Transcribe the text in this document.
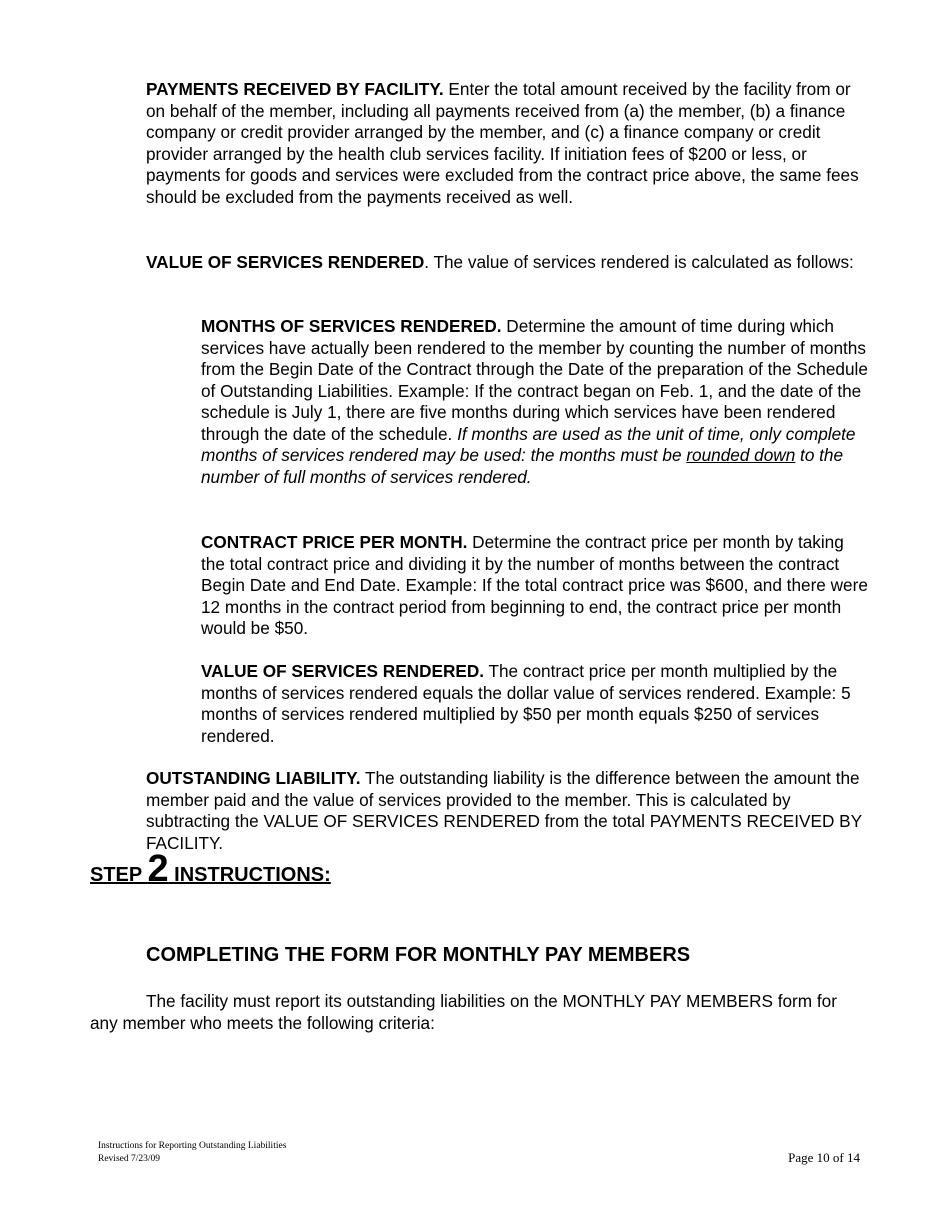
PAYMENTS RECEIVED BY FACILITY. Enter the total amount received by the facility from or on behalf of the member, including all payments received from (a) the member, (b) a finance company or credit provider arranged by the member, and (c) a finance company or credit provider arranged by the health club services facility. If initiation fees of $200 or less, or payments for goods and services were excluded from the contract price above, the same fees should be excluded from the payments received as well.

VALUE OF SERVICES RENDERED. The value of services rendered is calculated as follows:

MONTHS OF SERVICES RENDERED. Determine the amount of time during which services have actually been rendered to the member by counting the number of months from the Begin Date of the Contract through the Date of the preparation of the Schedule of Outstanding Liabilities. Example: If the contract began on Feb. 1, and the date of the schedule is July 1, there are five months during which services have been rendered through the date of the schedule. If months are used as the unit of time, only complete months of services rendered may be used: the months must be rounded down to the number of full months of services rendered.

CONTRACT PRICE PER MONTH. Determine the contract price per month by taking the total contract price and dividing it by the number of months between the contract Begin Date and End Date. Example: If the total contract price was $600, and there were 12 months in the contract period from beginning to end, the contract price per month would be $50.

VALUE OF SERVICES RENDERED. The contract price per month multiplied by the months of services rendered equals the dollar value of services rendered. Example: 5 months of services rendered multiplied by $50 per month equals $250 of services rendered.

OUTSTANDING LIABILITY. The outstanding liability is the difference between the amount the member paid and the value of services provided to the member. This is calculated by subtracting the VALUE OF SERVICES RENDERED from the total PAYMENTS RECEIVED BY FACILITY.

STEP 2 INSTRUCTIONS:
COMPLETING THE FORM FOR MONTHLY PAY MEMBERS

The facility must report its outstanding liabilities on the MONTHLY PAY MEMBERS form for any member who meets the following criteria:

Instructions for Reporting Outstanding Liabilities
Revised 7/23/09	Page 10 of 14
